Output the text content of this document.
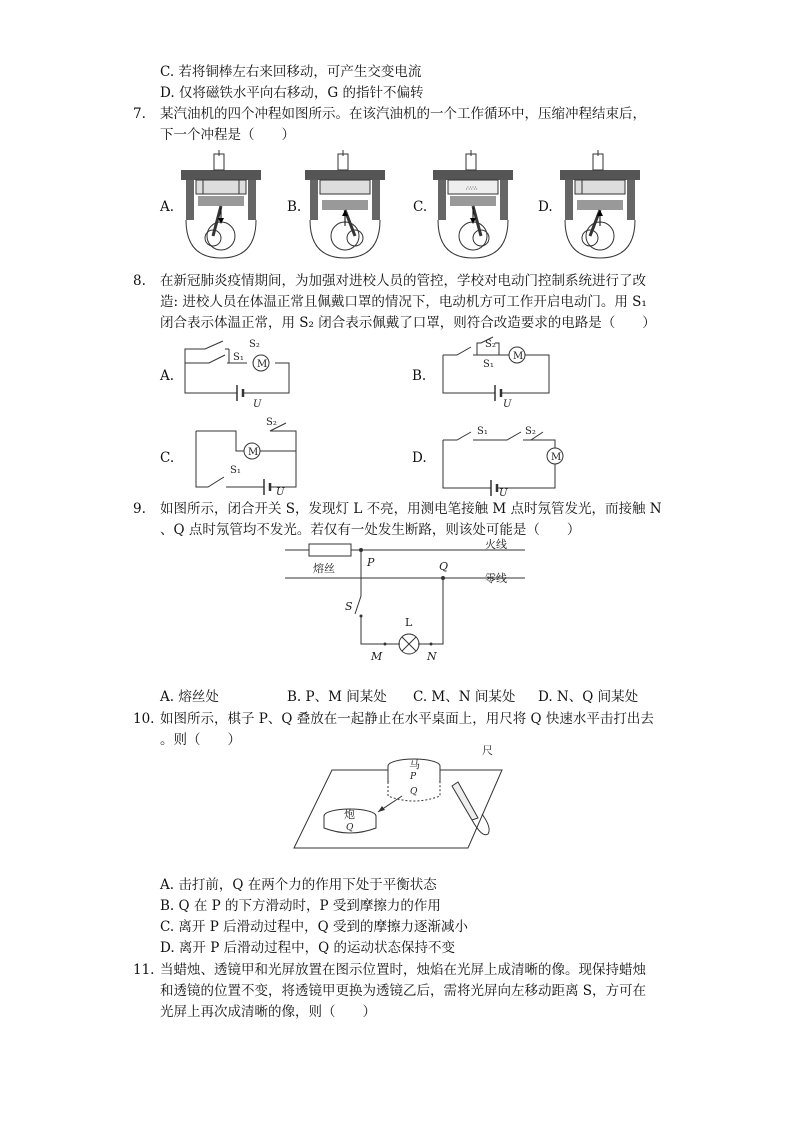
C. 若将铜棒左右来回移动，可产生交变电流
D. 仅将磁铁水平向右移动，G 的指针不偏转
7. 某汽油机的四个冲程如图所示。在该汽油机的一个工作循环中，压缩冲程结束后，
下一个冲程是（　　）
A.	B.	C.	D.
∴∵∴
8. 在新冠肺炎疫情期间，为加强对进校人员的管控，学校对电动门控制系统进行了改
造: 进校人员在体温正常且佩戴口罩的情况下，电动机方可工作开启电动门。用 S₁
闭合表示体温正常，用 S₂ 闭合表示佩戴了口罩，则符合改造要求的电路是（　　）
A.	B.
C.	D.
M
S₂
S₁
U
M
S₂
S₁
U
M
S₂
S₁
U
M
S₁	S₂
U
9. 如图所示，闭合开关 S，发现灯 L 不亮，用测电笔接触 M 点时氖管发光，而接触 N
、Q 点时氖管均不发光。若仅有一处发生断路，则该处可能是（　　）
熔丝
火线
零线
P	Q
S
L
M	N
A. 熔丝处	B. P、M 间某处 C. M、N 间某处 D. N、Q 间某处
10. 如图所示，棋子 P、Q 叠放在一起静止在水平桌面上，用尺将 Q 快速水平击打出去
。则（　　）
马
P
Q
炮
Q
尺
A. 击打前，Q 在两个力的作用下处于平衡状态
B. Q 在 P 的下方滑动时，P 受到摩擦力的作用
C. 离开 P 后滑动过程中，Q 受到的摩擦力逐渐减小
D. 离开 P 后滑动过程中，Q 的运动状态保持不变
11. 当蜡烛、透镜甲和光屏放置在图示位置时，烛焰在光屏上成清晰的像。现保持蜡烛
和透镜的位置不变，将透镜甲更换为透镜乙后，需将光屏向左移动距离 S，方可在
光屏上再次成清晰的像，则（　　）
